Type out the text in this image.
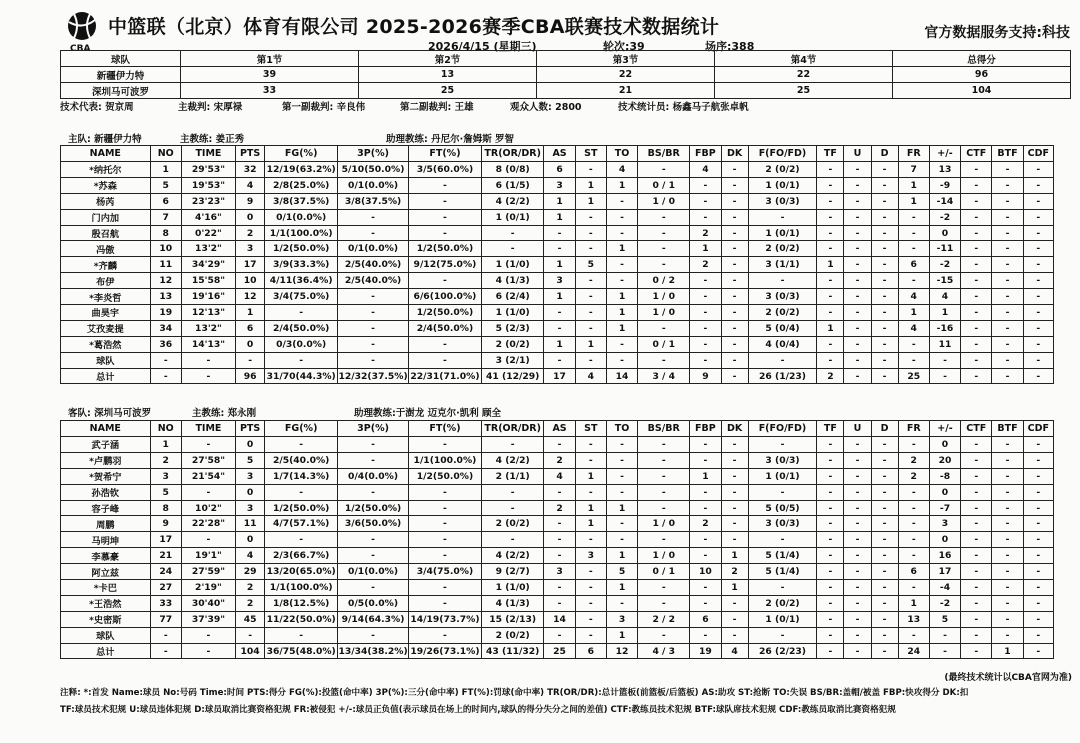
CBA
中篮联（北京）体育有限公司 2025-2026赛季CBA联赛技术数据统计	官方数据服务支持:科技
2026/4/15 (星期三)	轮次:39	场序:388
球队	第1节	第2节	第3节	第4节	总得分
新疆伊力特	39	13	22	22	96
深圳马可波罗	33	25	21	25	104
技术代表: 贺京周	主裁判: 宋厚禄	第一副裁判: 辛良伟	第二副裁判: 王雄	观众人数: 2800	技术统计员: 杨鑫马子航张卓帆
主队: 新疆伊力特	主教练: 姜正秀	助理教练: 丹尼尔·詹姆斯 罗智
NAME	NO	TIME	PTS	FG(%)	3P(%)	FT(%)	TR(OR/DR)	AS	ST	TO	BS/BR	FBP	DK	F(FO/FD)	TF	U	D	FR	+/-	CTF	BTF	CDF
*纳托尔	1	29'53"	32	12/19(63.2%)	5/10(50.0%)	3/5(60.0%)	8 (0/8)	6	-	4	-	4	-	2 (0/2)	-	-	-	7	13	-	-	-
*苏森	5	19'53"	4	2/8(25.0%)	0/1(0.0%)	-	6 (1/5)	3	1	1	0 / 1	-	-	1 (0/1)	-	-	-	1	-9	-	-	-
杨芮	6	23'23"	9	3/8(37.5%)	3/8(37.5%)	-	4 (2/2)	1	1	-	1 / 0	-	-	3 (0/3)	-	-	-	1	-14	-	-	-
门内加	7	4'16"	0	0/1(0.0%)	-	-	1 (0/1)	1	-	-	-	-	-	-	-	-	-	-	-2	-	-	-
殷召航	8	0'22"	2	1/1(100.0%)	-	-	-	-	-	-	-	2	-	1 (0/1)	-	-	-	-	0	-	-	-
冯傲	10	13'2"	3	1/2(50.0%)	0/1(0.0%)	1/2(50.0%)	-	-	-	1	-	1	-	2 (0/2)	-	-	-	-	-11	-	-	-
*齐麟	11	34'29"	17	3/9(33.3%)	2/5(40.0%)	9/12(75.0%)	1 (1/0)	1	5	-	-	2	-	3 (1/1)	1	-	-	6	-2	-	-	-
布伊	12	15'58"	10	4/11(36.4%)	2/5(40.0%)	-	4 (1/3)	3	-	-	0 / 2	-	-	-	-	-	-	-	-15	-	-	-
*李炎哲	13	19'16"	12	3/4(75.0%)	-	6/6(100.0%)	6 (2/4)	1	-	1	1 / 0	-	-	3 (0/3)	-	-	-	4	4	-	-	-
曲昊宇	19	12'13"	1	-	-	1/2(50.0%)	1 (1/0)	-	-	1	1 / 0	-	-	2 (0/2)	-	-	-	1	1	-	-	-
艾孜麦提	34	13'2"	6	2/4(50.0%)	-	2/4(50.0%)	5 (2/3)	-	-	1	-	-	-	5 (0/4)	1	-	-	4	-16	-	-	-
*葛浩然	36	14'13"	0	0/3(0.0%)	-	-	2 (0/2)	1	1	-	0 / 1	-	-	4 (0/4)	-	-	-	-	11	-	-	-
球队	-	-	-	-	-	-	3 (2/1)	-	-	-	-	-	-	-	-	-	-	-	-	-	-	-
总计	-	-	96	31/70(44.3%)	12/32(37.5%)	22/31(71.0%)	41 (12/29)	17	4	14	3 / 4	9	-	26 (1/23)	2	-	-	25	-	-	-	-
客队: 深圳马可波罗	主教练: 郑永刚	助理教练:于澍龙 迈克尔·凯利 顾全
NAME	NO	TIME	PTS	FG(%)	3P(%)	FT(%)	TR(OR/DR)	AS	ST	TO	BS/BR	FBP	DK	F(FO/FD)	TF	U	D	FR	+/-	CTF	BTF	CDF
武子涵	1	-	0	-	-	-	-	-	-	-	-	-	-	-	-	-	-	-	0	-	-	-
*卢鹏羽	2	27'58"	5	2/5(40.0%)	-	1/1(100.0%)	4 (2/2)	2	-	-	-	-	-	3 (0/3)	-	-	-	2	20	-	-	-
*贺希宁	3	21'54"	3	1/7(14.3%)	0/4(0.0%)	1/2(50.0%)	2 (1/1)	4	1	-	-	1	-	1 (0/1)	-	-	-	2	-8	-	-	-
孙浩钦	5	-	0	-	-	-	-	-	-	-	-	-	-	-	-	-	-	-	0	-	-	-
容子峰	8	10'2"	3	1/2(50.0%)	1/2(50.0%)	-	-	2	1	1	-	-	-	5 (0/5)	-	-	-	-	-7	-	-	-
周鹏	9	22'28"	11	4/7(57.1%)	3/6(50.0%)	-	2 (0/2)	-	1	-	1 / 0	2	-	3 (0/3)	-	-	-	-	3	-	-	-
马明坤	17	-	0	-	-	-	-	-	-	-	-	-	-	-	-	-	-	-	0	-	-	-
李慕豪	21	19'1"	4	2/3(66.7%)	-	-	4 (2/2)	-	3	1	1 / 0	-	1	5 (1/4)	-	-	-	-	16	-	-	-
阿立兹	24	27'59"	29	13/20(65.0%)	0/1(0.0%)	3/4(75.0%)	9 (2/7)	3	-	5	0 / 1	10	2	5 (1/4)	-	-	-	6	17	-	-	-
*卡巴	27	2'19"	2	1/1(100.0%)	-	-	1 (1/0)	-	-	1	-	-	1	-	-	-	-	-	-4	-	-	-
*王浩然	33	30'40"	2	1/8(12.5%)	0/5(0.0%)	-	4 (1/3)	-	-	-	-	-	-	2 (0/2)	-	-	-	1	-2	-	-	-
*史密斯	77	37'39"	45	11/22(50.0%)	9/14(64.3%)	14/19(73.7%)	15 (2/13)	14	-	3	2 / 2	6	-	1 (0/1)	-	-	-	13	5	-	-	-
球队	-	-	-	-	-	-	2 (0/2)	-	-	1	-	-	-	-	-	-	-	-	-	-	-	-
总计	-	-	104	36/75(48.0%)	13/34(38.2%)	19/26(73.1%)	43 (11/32)	25	6	12	4 / 3	19	4	26 (2/23)	-	-	-	24	-	-	1	-
(最终技术统计以CBA官网为准)
注释: *:首发 Name:球员 No:号码 Time:时间 PTS:得分 FG(%):投篮(命中率) 3P(%):三分(命中率) FT(%):罚球(命中率) TR(OR/DR):总计篮板(前篮板/后篮板) AS:助攻 ST:抢断 TO:失误 BS/BR:盖帽/被盖 FBP:快攻得分 DK:扣
TF:球员技术犯规 U:球员违体犯规 D:球员取消比赛资格犯规 FR:被侵犯 +/-:球员正负值(表示球员在场上的时间内,球队的得分失分之间的差值) CTF:教练员技术犯规 BTF:球队席技术犯规 CDF:教练员取消比赛资格犯规
